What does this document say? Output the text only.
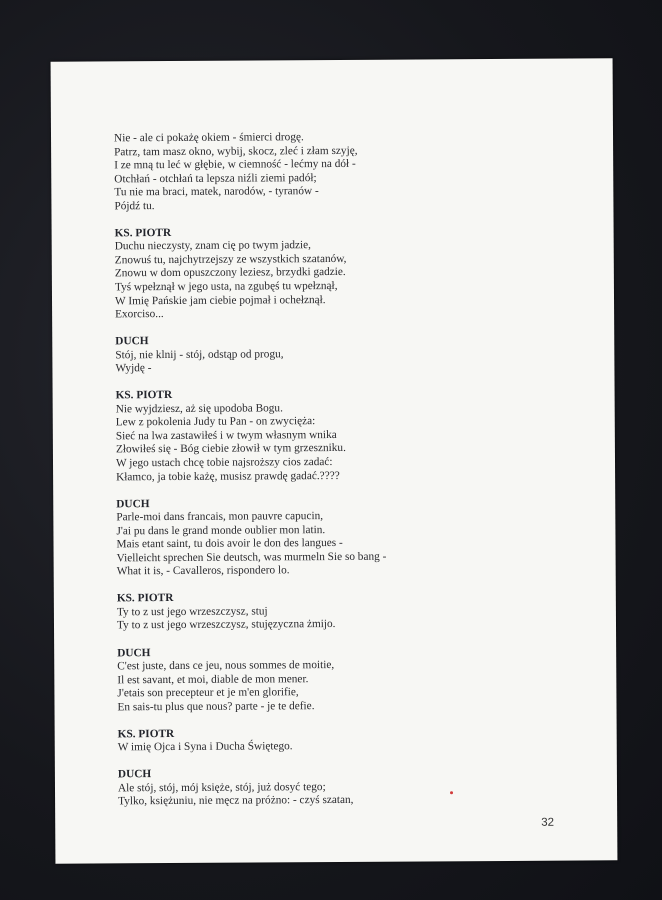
Nie - ale ci pokażę okiem - śmierci drogę.
Patrz, tam masz okno, wybij, skocz, zleć i złam szyję,
I ze mną tu leć w głębie, w ciemność - lećmy na dół -
Otchłań - otchłań ta lepsza niźli ziemi padół;
Tu nie ma braci, matek, narodów, - tyranów -
Pójdź tu.
KS. PIOTR
Duchu nieczysty, znam cię po twym jadzie,
Znowuś tu, najchytrzejszy ze wszystkich szatanów,
Znowu w dom opuszczony leziesz, brzydki gadzie.
Tyś wpełznął w jego usta, na zgubęś tu wpełznął,
W Imię Pańskie jam ciebie pojmał i ochełznął.
Exorciso...
DUCH
Stój, nie klnij - stój, odstąp od progu,
Wyjdę -
KS. PIOTR
Nie wyjdziesz, aż się upodoba Bogu.
Lew z pokolenia Judy tu Pan - on zwycięża:
Sieć na lwa zastawiłeś i w twym własnym wnika
Złowiłeś się - Bóg ciebie złowił w tym grzeszniku.
W jego ustach chcę tobie najsroższy cios zadać:
Kłamco, ja tobie każę, musisz prawdę gadać.????
DUCH
Parle-moi dans francais, mon pauvre capucin,
J'ai pu dans le grand monde oublier mon latin.
Mais etant saint, tu dois avoir le don des langues -
Vielleicht sprechen Sie deutsch, was murmeln Sie so bang -
What it is, - Cavalleros, rispondero lo.
KS. PIOTR
Ty to z ust jego wrzeszczysz, stuj
Ty to z ust jego wrzeszczysz, stujęzyczna żmijo.
DUCH
C'est juste, dans ce jeu, nous sommes de moitie,
Il est savant, et moi, diable de mon mener.
J'etais son precepteur et je m'en glorifie,
En sais-tu plus que nous? parte - je te defie.
KS. PIOTR
W imię Ojca i Syna i Ducha Świętego.
DUCH
Ale stój, stój, mój księże, stój, już dosyć tego;
Tylko, księżuniu, nie męcz na próżno: - czyś szatan,
32
